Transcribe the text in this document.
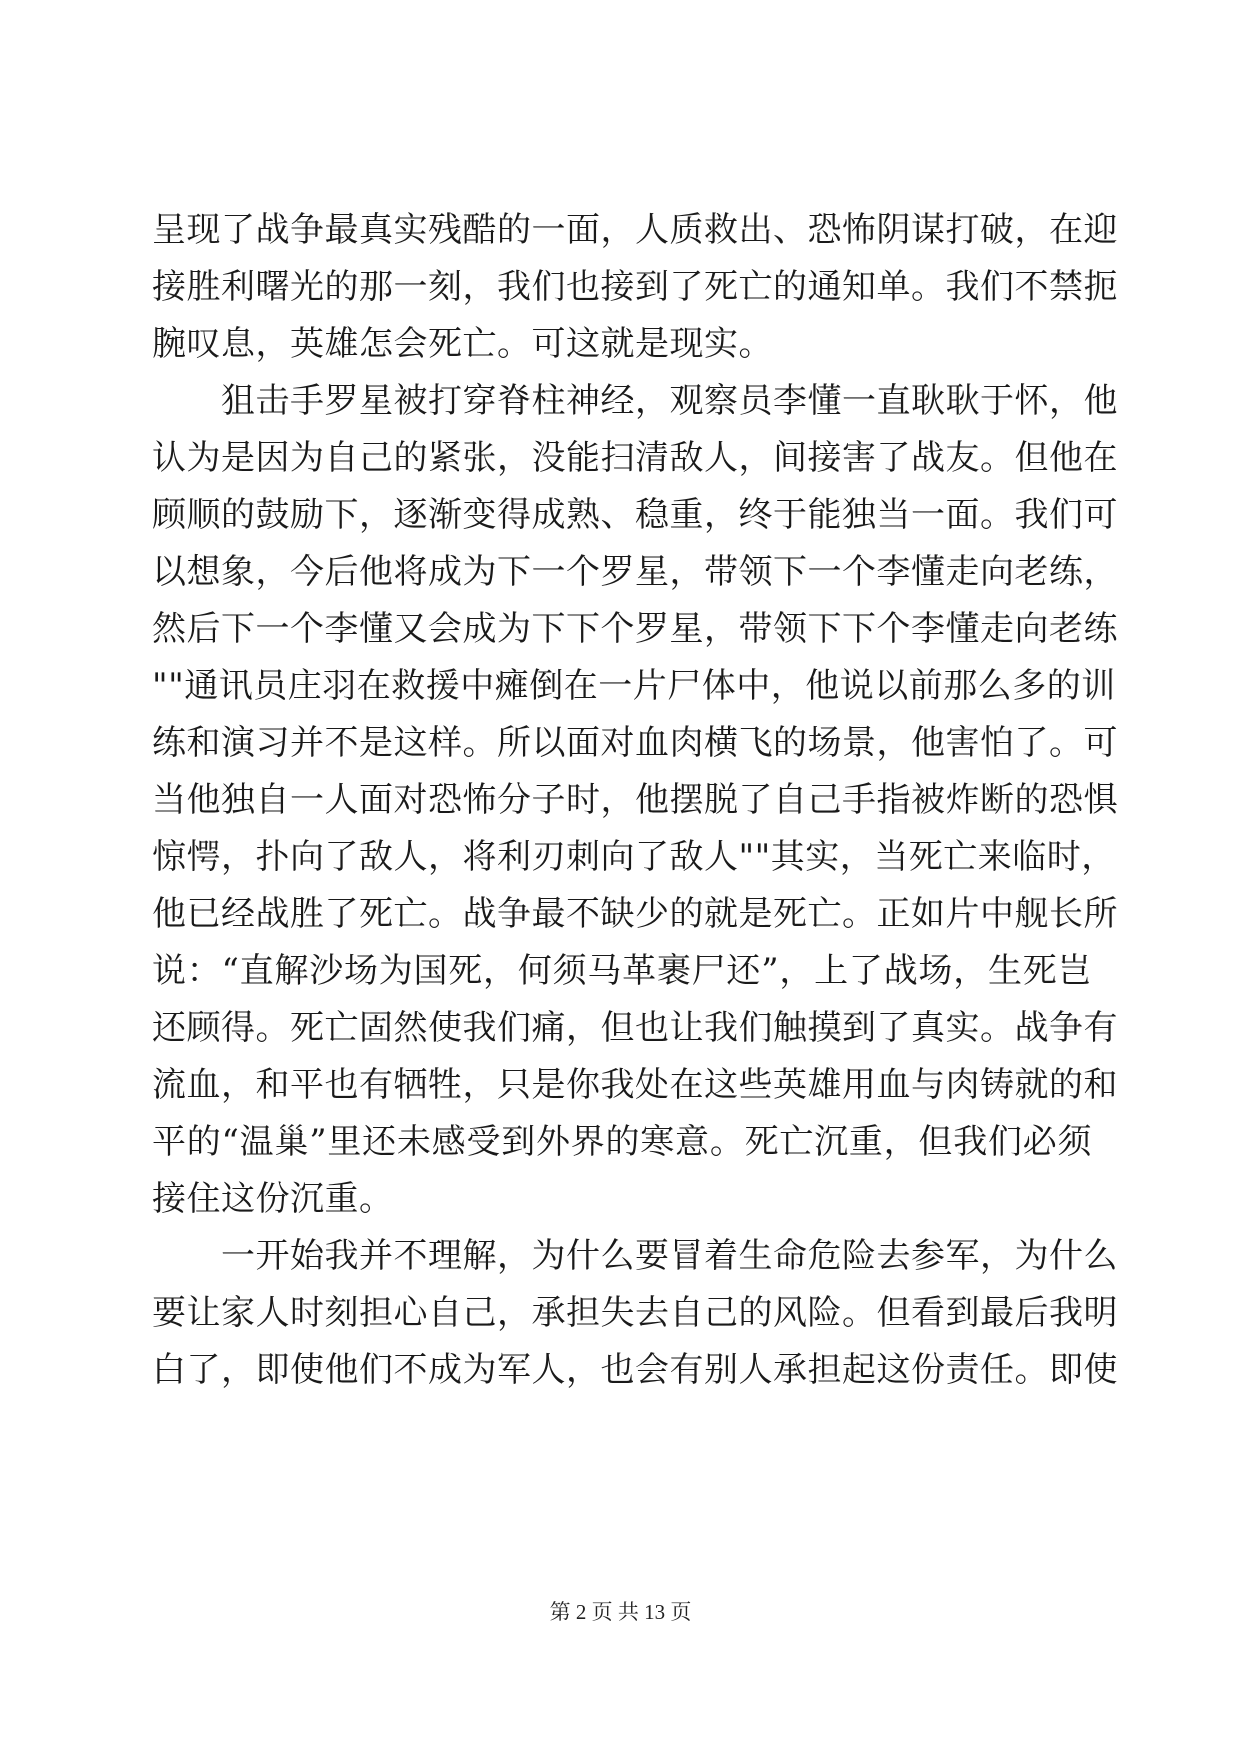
呈现了战争最真实残酷的一面，人质救出、恐怖阴谋打破，在迎
接胜利曙光的那一刻，我们也接到了死亡的通知单。我们不禁扼
腕叹息，英雄怎会死亡。可这就是现实。
　　狙击手罗星被打穿脊柱神经，观察员李懂一直耿耿于怀，他
认为是因为自己的紧张，没能扫清敌人，间接害了战友。但他在
顾顺的鼓励下，逐渐变得成熟、稳重，终于能独当一面。我们可
以想象，今后他将成为下一个罗星，带领下一个李懂走向老练，
然后下一个李懂又会成为下下个罗星，带领下下个李懂走向老练
""通讯员庄羽在救援中瘫倒在一片尸体中，他说以前那么多的训
练和演习并不是这样。所以面对血肉横飞的场景，他害怕了。可
当他独自一人面对恐怖分子时，他摆脱了自己手指被炸断的恐惧
惊愕，扑向了敌人，将利刃刺向了敌人""其实，当死亡来临时，
他已经战胜了死亡。战争最不缺少的就是死亡。正如片中舰长所
说：“直解沙场为国死，何须马革裹尸还”，上了战场，生死岂
还顾得。死亡固然使我们痛，但也让我们触摸到了真实。战争有
流血，和平也有牺牲，只是你我处在这些英雄用血与肉铸就的和
平的“温巢”里还未感受到外界的寒意。死亡沉重，但我们必须
接住这份沉重。
　　一开始我并不理解，为什么要冒着生命危险去参军，为什么
要让家人时刻担心自己，承担失去自己的风险。但看到最后我明
白了，即使他们不成为军人，也会有别人承担起这份责任。即使
第 2 页 共 13 页
